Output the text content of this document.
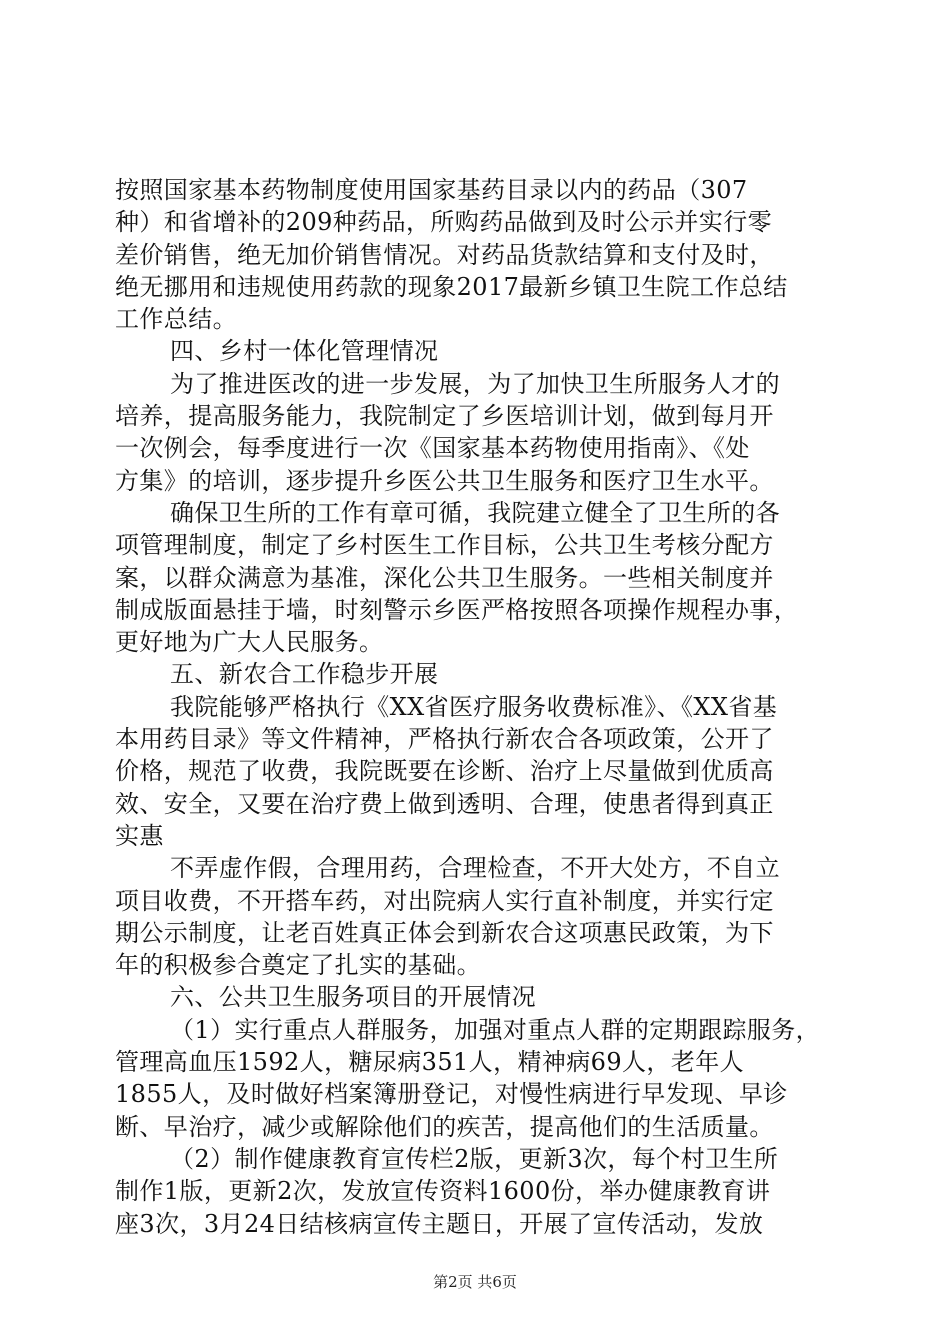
按照国家基本药物制度使用国家基药目录以内的药品（307
种）和省增补的209种药品，所购药品做到及时公示并实行零
差价销售，绝无加价销售情况。对药品货款结算和支付及时，
绝无挪用和违规使用药款的现象2017最新乡镇卫生院工作总结
工作总结。
四、乡村一体化管理情况
为了推进医改的进一步发展，为了加快卫生所服务人才的
培养，提高服务能力，我院制定了乡医培训计划，做到每月开
一次例会，每季度进行一次《国家基本药物使用指南》、《处
方集》的培训，逐步提升乡医公共卫生服务和医疗卫生水平。
确保卫生所的工作有章可循，我院建立健全了卫生所的各
项管理制度，制定了乡村医生工作目标，公共卫生考核分配方
案，以群众满意为基准，深化公共卫生服务。一些相关制度并
制成版面悬挂于墙，时刻警示乡医严格按照各项操作规程办事，
更好地为广大人民服务。
五、新农合工作稳步开展
我院能够严格执行《XX省医疗服务收费标准》、《XX省基
本用药目录》等文件精神，严格执行新农合各项政策，公开了
价格，规范了收费，我院既要在诊断、治疗上尽量做到优质高
效、安全，又要在治疗费上做到透明、合理，使患者得到真正
实惠
不弄虚作假，合理用药，合理检查，不开大处方，不自立
项目收费，不开搭车药，对出院病人实行直补制度，并实行定
期公示制度，让老百姓真正体会到新农合这项惠民政策，为下
年的积极参合奠定了扎实的基础。
六、公共卫生服务项目的开展情况
（1）实行重点人群服务，加强对重点人群的定期跟踪服务，
管理高血压1592人，糖尿病351人，精神病69人，老年人
1855人，及时做好档案簿册登记，对慢性病进行早发现、早诊
断、早治疗，减少或解除他们的疾苦，提高他们的生活质量。
（2）制作健康教育宣传栏2版，更新3次，每个村卫生所
制作1版，更新2次，发放宣传资料1600份，举办健康教育讲
座3次，3月24日结核病宣传主题日，开展了宣传活动，发放
第2页 共6页
